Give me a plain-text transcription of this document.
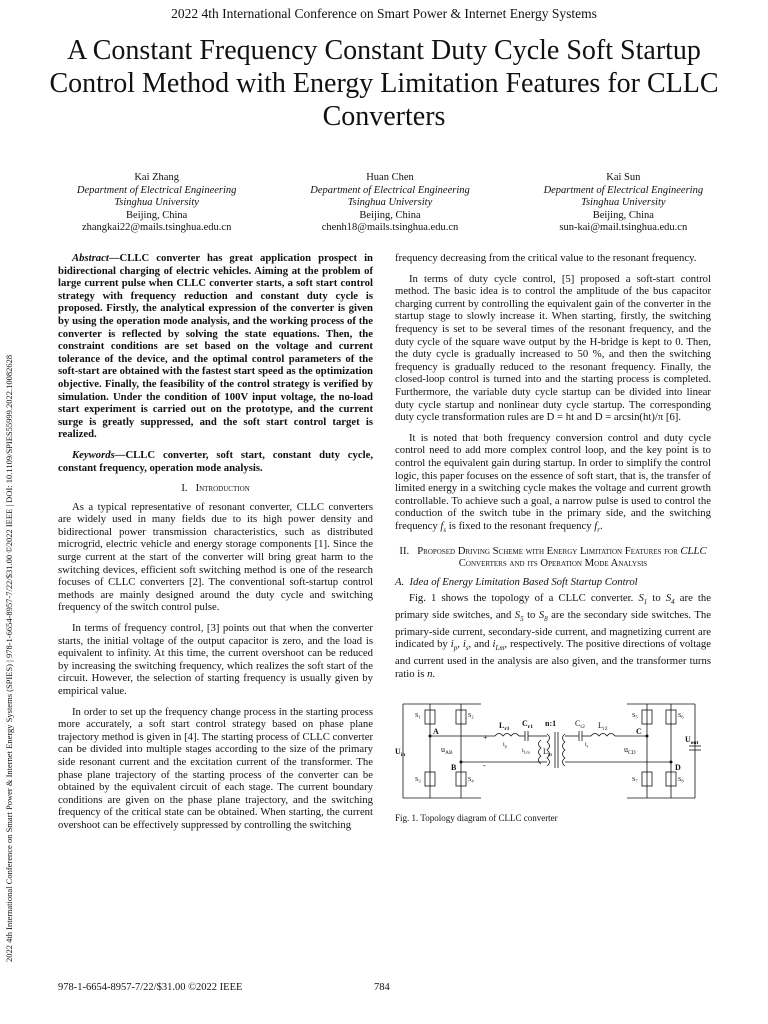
2022 4th International Conference on Smart Power & Internet Energy Systems
A Constant Frequency Constant Duty Cycle Soft Startup Control Method with Energy Limitation Features for CLLC Converters
2022 4th International Conference on Smart Power & Internet Energy Systems (SPIES) | 978-1-6654-8957-7/22/$31.00 ©2022 IEEE | DOI: 10.1109/SPIES55999.2022.10082628
Kai Zhang
Department of Electrical Engineering
Tsinghua University
Beijing, China
zhangkai22@mails.tsinghua.edu.cn
Huan Chen
Department of Electrical Engineering
Tsinghua University
Beijing, China
chenh18@mails.tsinghua.edu.cn
Kai Sun
Department of Electrical Engineering
Tsinghua University
Beijing, China
sun-kai@mail.tsinghua.edu.cn

Abstract—CLLC converter has great application prospect in bidirectional charging of electric vehicles. Aiming at the problem of large current pulse when CLLC converter starts, a soft start control strategy with frequency reduction and constant duty cycle is proposed. Firstly, the analytical expression of the converter is given by using the operation mode analysis, and the working process of the converter is reflected by solving the state equations. Then, the constraint conditions are set based on the voltage and current tolerance of the device, and the optimal control parameters of the soft-start are obtained with the fastest start speed as the optimization objective. Finally, the feasibility of the control strategy is verified by simulation. Under the condition of 100V input voltage, the no-load start experiment is carried out on the prototype, and the current surge is greatly suppressed, and the soft start control target is realized.

Keywords—CLLC converter, soft start, constant duty cycle, constant frequency, operation mode analysis.

I. Introduction

As a typical representative of resonant converter, CLLC converters are widely used in many fields due to its high power density and bidirectional power transmission characteristics, such as distributed microgrid, electric vehicle and energy storage components [1]. Since the surge current at the start of the converter will bring great harm to the switching devices, efficient soft switching method is one of the research focuses of CLLC converters [2]. The conventional soft-startup control methods are mainly designed around the duty cycle and switching frequency of the switch control pulse.

In terms of frequency control, [3] points out that when the converter starts, the initial voltage of the output capacitor is zero, and the load is equivalent to infinity. At this time, the current overshoot can be reduced by increasing the switching frequency, which realizes the soft start of the circuit. However, the selection of starting frequency is usually given by empirical value.

In order to set up the frequency change process in the starting process more accurately, a soft start control strategy based on phase plane trajectory method is given in [4]. The starting process of CLLC converter can be divided into multiple stages according to the size of the primary side resonant current and the excitation current of the transformer. The phase plane trajectory of the starting process of the converter can be obtained by the equivalent circuit of each stage. The current boundary conditions are given on the phase plane trajectory, and the switching frequency of the critical state can be obtained. When starting, the current overshoot can be effectively suppressed by controlling the switching

frequency decreasing from the critical value to the resonant frequency.

In terms of duty cycle control, [5] proposed a soft-start control method. The basic idea is to control the amplitude of the bus capacitor charging current by controlling the equivalent gain of the converter in the startup stage to slowly increase it. When starting, firstly, the switching frequency is set to be several times of the resonant frequency, and the duty cycle of the square wave output by the H-bridge is kept to 0. Then, the duty cycle is gradually increased to 50 %, and then the switching frequency is gradually reduced to the resonant frequency. Finally, the closed-loop control is turned into and the starting process is completed. Furthermore, the variable duty cycle startup can be divided into linear duty cycle startup and nonlinear duty cycle startup. The corresponding duty cycle transformation rules are D = ht and D = arcsin(ht)/π [6].

It is noted that both frequency conversion control and duty cycle control need to add more complex control loop, and the key point is to control the equivalent gain during startup. In order to simplify the control logic, this paper focuses on the essence of soft start, that is, the transfer of limited energy in a switching cycle makes the voltage and current growth controllable. To achieve such a goal, a narrow pulse is used to control the conduction of the switch tube in the primary side, and the switching frequency $f_s$ is fixed to the resonant frequency $f_r$.

II. Proposed Driving Scheme with Energy Limitation Features for CLLC Converters and its Operation Mode Analysis
A. Idea of Energy Limitation Based Soft Startup Control

Fig. 1 shows the topology of a CLLC converter. $S_1$ to $S_4$ are the primary side switches, and $S_5$ to $S_8$ are the secondary side switches. The primary-side current, secondary-side current, and magnetizing current are indicated by $i_p$, $i_s$, and $i_{Lm}$, respectively. The positive directions of voltage and current used in the analysis are also given, and the transformer turns ratio is n.

$U_{in}$
$U_{out}$
A
B
C
D
$u_{AB}$	$u_{CD}$
$L_{r1}$
$C_{r1}$	$C_{r2}$ $L_{r2}$
$L_m$
n:1
$i_p$	$i_s$
$i_{Lm}$
$S_1$	$S_2$
$S_3$	$S_4$
$S_5$	$S_6$
$S_7$	$S_8$
+
-
Fig. 1. Topology diagram of CLLC converter
978-1-6654-8957-7/22/$31.00 ©2022 IEEE	784
